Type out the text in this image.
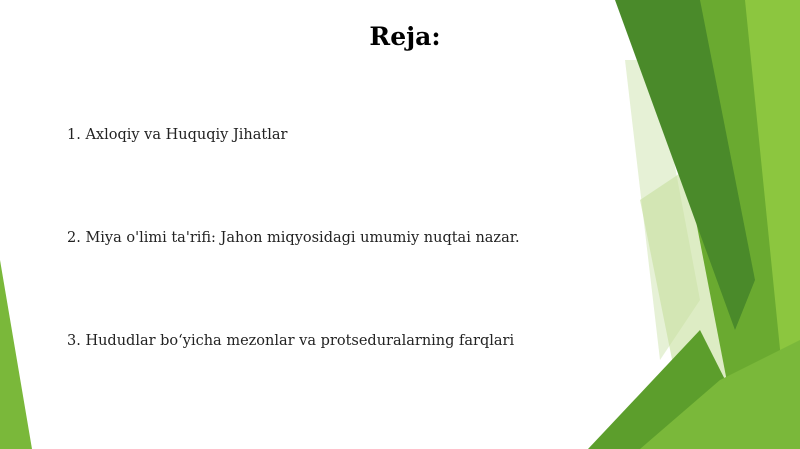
Reja:
1. Axloqiy va Huquqiy Jihatlar
2. Miya o'limi ta'rifi: Jahon miqyosidagi umumiy nuqtai nazar.
3. Hududlar bo‘yicha mezonlar va protseduralarning farqlari
